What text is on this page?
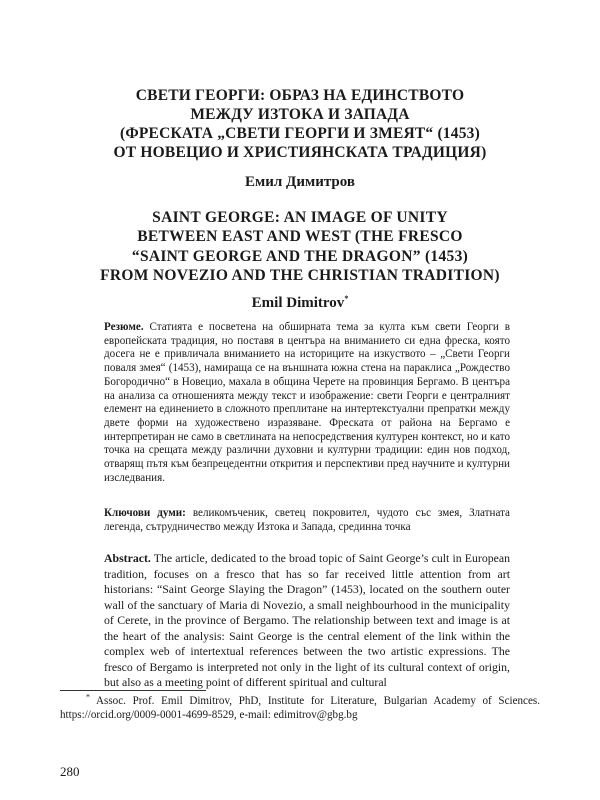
СВЕТИ ГЕОРГИ: ОБРАЗ НА ЕДИНСТВОТО
МЕЖДУ ИЗТОКА И ЗАПАДА
(ФРЕСКАТА „СВЕТИ ГЕОРГИ И ЗМЕЯТ“ (1453)
ОТ НОВЕЦИО И ХРИСТИЯНСКАТА ТРАДИЦИЯ)

Емил Димитров

SAINT GEORGE: AN IMAGE OF UNITY
BETWEEN EAST AND WEST (THE FRESCO
“SAINT GEORGE AND THE DRAGON” (1453)
FROM NOVEZIO AND THE CHRISTIAN TRADITION)

Emil Dimitrov*

Резюме. Статията е посветена на обширната тема за култа към свети Георги в европейската традиция, но поставя в центъра на вниманието си една фреска, която досега не е привличала вниманието на историците на изкуството – „Свети Георги поваля змея“ (1453), намираща се на външната южна стена на параклиса „Рождество Богородично“ в Новецио, махала в община Черете на провинция Бергамо. В центъра на анализа са отношенията между текст и изображение: свети Георги е централният елемент на единението в сложното преплитане на интертекстуални препратки между двете форми на художествено изразяване. Фреската от района на Бергамо е интерпретиран не само в светлината на непосредствения културен контекст, но и като точка на срещата между различни духовни и културни традиции: един нов подход, отварящ пътя към безпрецедентни открития и перспективи пред научните и културни изследвания.

Ключови думи: великомъченик, светец покровител, чудото със змея, Златната легенда, сътрудничество между Изтока и Запада, срединна точка

Abstract. The article, dedicated to the broad topic of Saint George’s cult in European tradition, focuses on a fresco that has so far received little attention from art historians: “Saint George Slaying the Dragon” (1453), located on the southern outer wall of the sanctuary of Maria di Novezio, a small neighbourhood in the municipality of Cerete, in the province of Bergamo. The relationship between text and image is at the heart of the analysis: Saint George is the central element of the link within the complex web of intertextual references between the two artistic expressions. The fresco of Bergamo is interpreted not only in the light of its cultural context of origin, but also as a meeting point of different spiritual and cultural

* Assoc. Prof. Emil Dimitrov, PhD, Institute for Literature, Bulgarian Academy of Sciences. https://orcid.org/0009-0001-4699-8529, e-mail: edimitrov@gbg.bg

280
